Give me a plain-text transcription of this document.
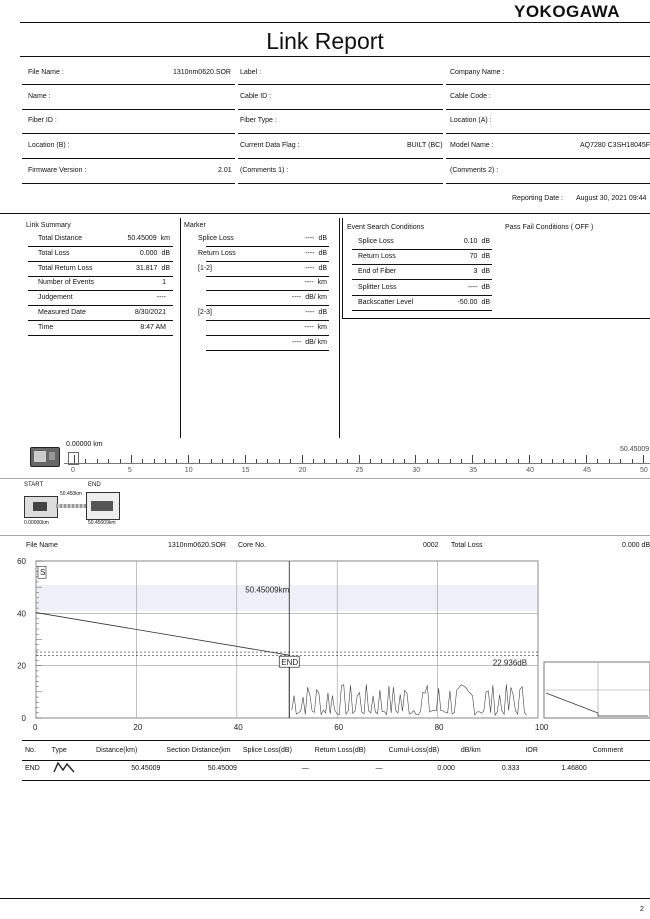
YOKOGAWA
Link Report
File Name :	1310nm0620.SOR Label :	Company Name :
Name :	Cable ID :	Cable Code :
Fiber ID :	Fiber Type :	Location (A) :
Location (B) :	Current Data Flag :	BUILT (BC) Model Name :	AQ7280 C3SH18045F
Firmware Version :	2.01 (Comments 1) :	(Comments 2) :
Reporting Date : August 30, 2021 09:44
Link Summary
Total Distance	50.45009 km
Total Loss	0.000 dB
Total Return Loss	31.817 dB
Number of Events	1
Judgement	----
Measured Date	8/30/2021
Time	8:47 AM
Marker
Splice Loss	---- dB
Return Loss	---- dB
[1-2]	---- dB
---- km
---- dB/ km
[2-3]	---- dB
---- km
---- dB/ km
Event Search Conditions
Splice Loss	0.10 dB
Return Loss	70 dB
End of Fiber	3 dB
Splitter Loss	---- dB
Backscatter Level	-50.00 dB
Pass Fail Conditions ( OFF )
0.00000 km
50.45009
0	5	10	15	20	25	30	35	40	45	50
START	END
50.450km
0.00000km	50.45009km
File Name	1310nm0620.SOR Core No.	0002 Total Loss	0.000 dB
0	20	40	60	80	100
0
20
40
60
50.45009km
22.936dB
END
S
No.	Type	Distance(km)	Section Distance(km	Splice Loss(dB)	Return Loss(dB)	Cumul-Loss(dB)	dB/km	IOR	Comment
END		50.45009	50.45009	—	—	0.000	0.333	1.46800	
2
